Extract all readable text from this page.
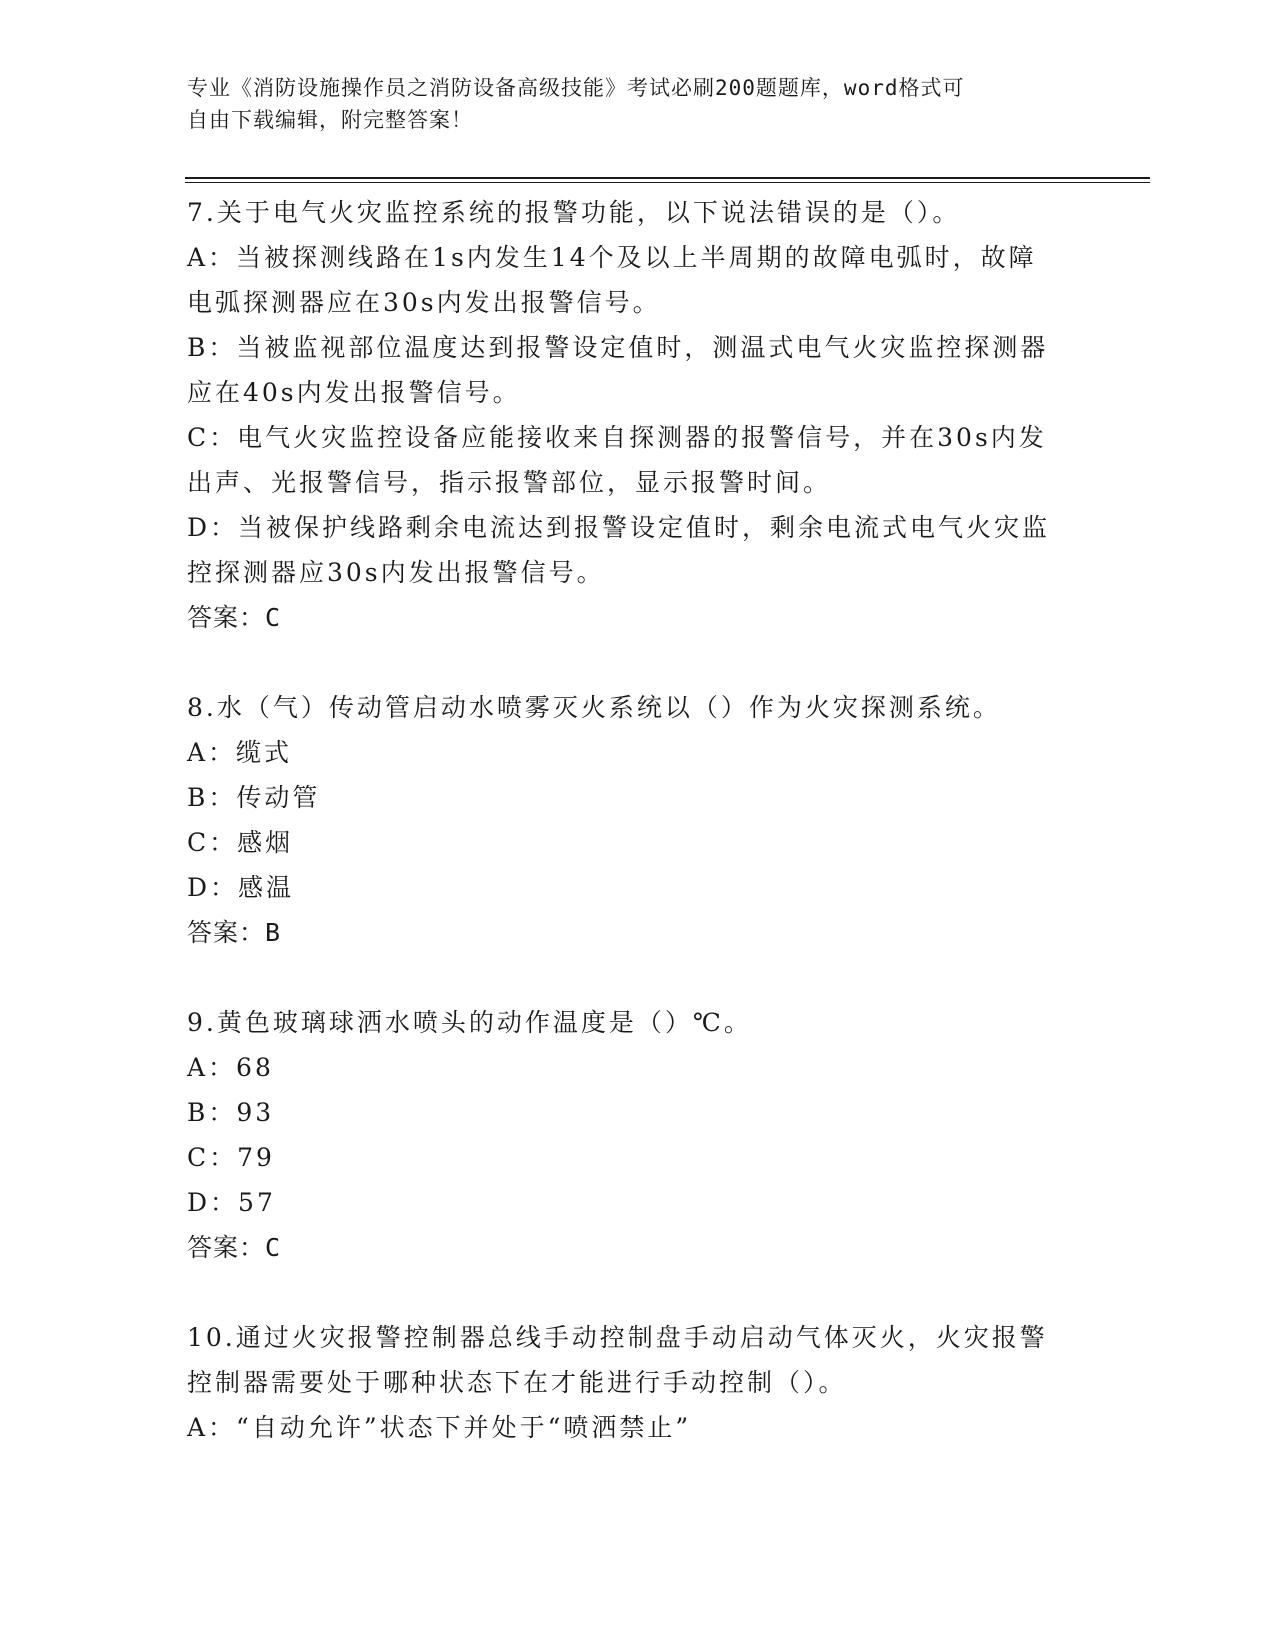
专业《消防设施操作员之消防设备高级技能》考试必刷200题题库，word格式可
自由下载编辑，附完整答案！
7.关于电气火灾监控系统的报警功能，以下说法错误的是（）。
A：当被探测线路在1s内发生14个及以上半周期的故障电弧时，故障
电弧探测器应在30s内发出报警信号。
B：当被监视部位温度达到报警设定值时，测温式电气火灾监控探测器
应在40s内发出报警信号。
C：电气火灾监控设备应能接收来自探测器的报警信号，并在30s内发
出声、光报警信号，指示报警部位，显示报警时间。
D：当被保护线路剩余电流达到报警设定值时，剩余电流式电气火灾监
控探测器应30s内发出报警信号。
答案：C
8.水（气）传动管启动水喷雾灭火系统以（）作为火灾探测系统。
A：缆式
B：传动管
C：感烟
D：感温
答案：B
9.黄色玻璃球洒水喷头的动作温度是（）℃。
A：68
B：93
C：79
D：57
答案：C
10.通过火灾报警控制器总线手动控制盘手动启动气体灭火，火灾报警
控制器需要处于哪种状态下在才能进行手动控制（）。
A：“自动允许”状态下并处于“喷洒禁止”
